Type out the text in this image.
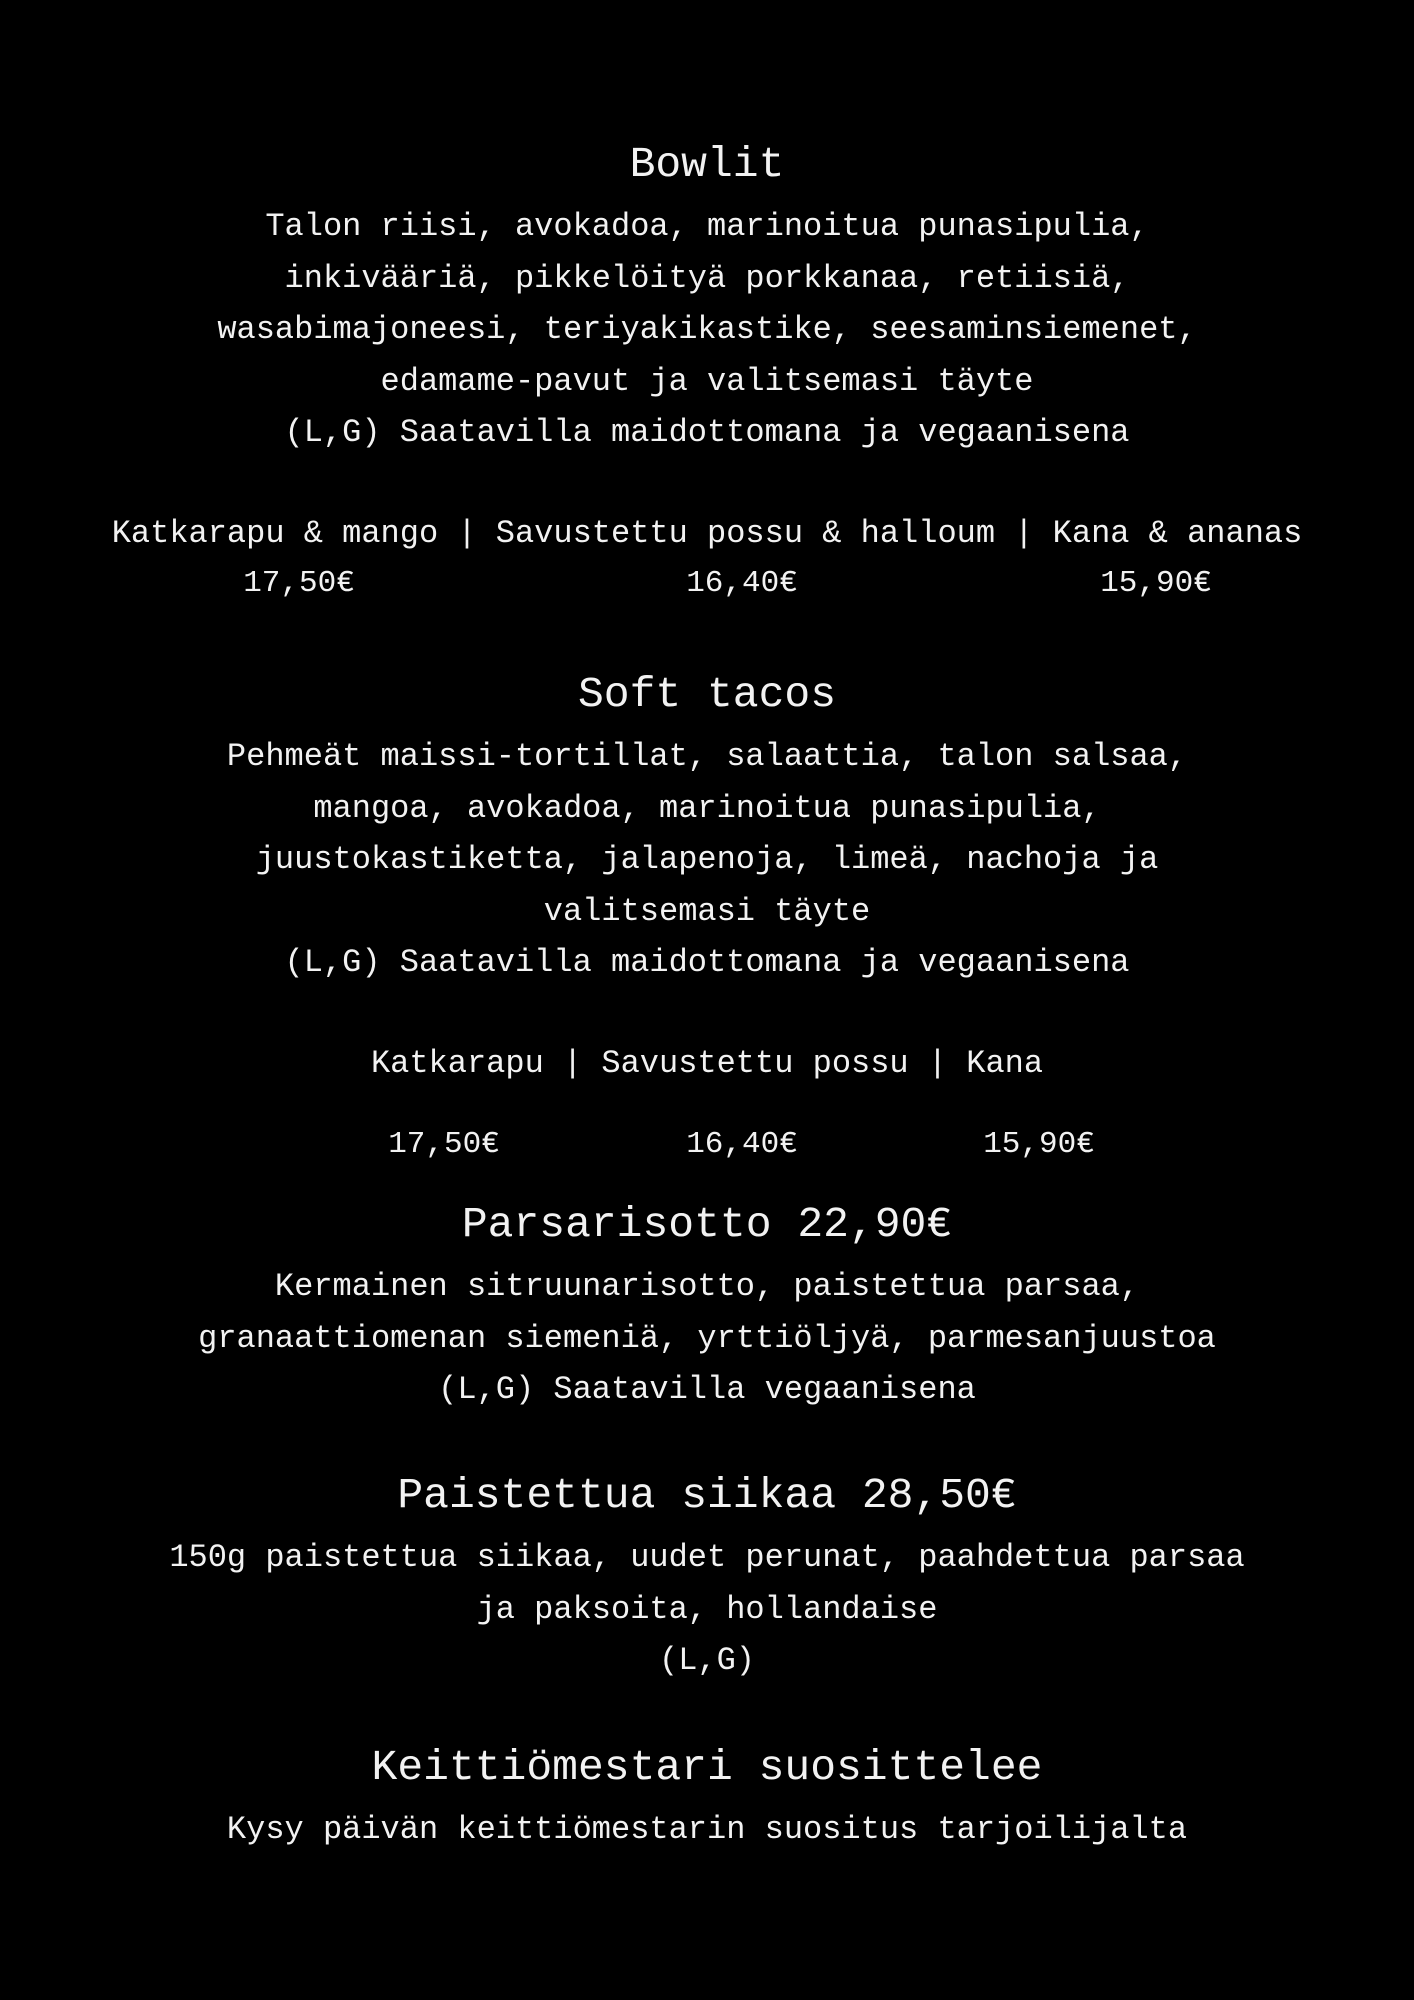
Bowlit
Talon riisi, avokadoa, marinoitua punasipulia,
inkivääriä, pikkelöityä porkkanaa, retiisiä,
wasabimajoneesi, teriyakikastike, seesaminsiemenet,
edamame-pavut ja valitsemasi täyte
(L,G) Saatavilla maidottomana ja vegaanisena
Katkarapu & mango | Savustettu possu & halloum | Kana & ananas
17,50€	16,40€	15,90€
Soft tacos
Pehmeät maissi-tortillat, salaattia, talon salsaa,
mangoa, avokadoa, marinoitua punasipulia,
juustokastiketta, jalapenoja, limeä, nachoja ja
valitsemasi täyte
(L,G) Saatavilla maidottomana ja vegaanisena
Katkarapu | Savustettu possu | Kana
17,50€	16,40€	15,90€
Parsarisotto 22,90€
Kermainen sitruunarisotto, paistettua parsaa,
granaattiomenan siemeniä, yrttiöljyä, parmesanjuustoa
(L,G) Saatavilla vegaanisena
Paistettua siikaa 28,50€
150g paistettua siikaa, uudet perunat, paahdettua parsaa
ja paksoita, hollandaise
(L,G)
Keittiömestari suosittelee
Kysy päivän keittiömestarin suositus tarjoilijalta
